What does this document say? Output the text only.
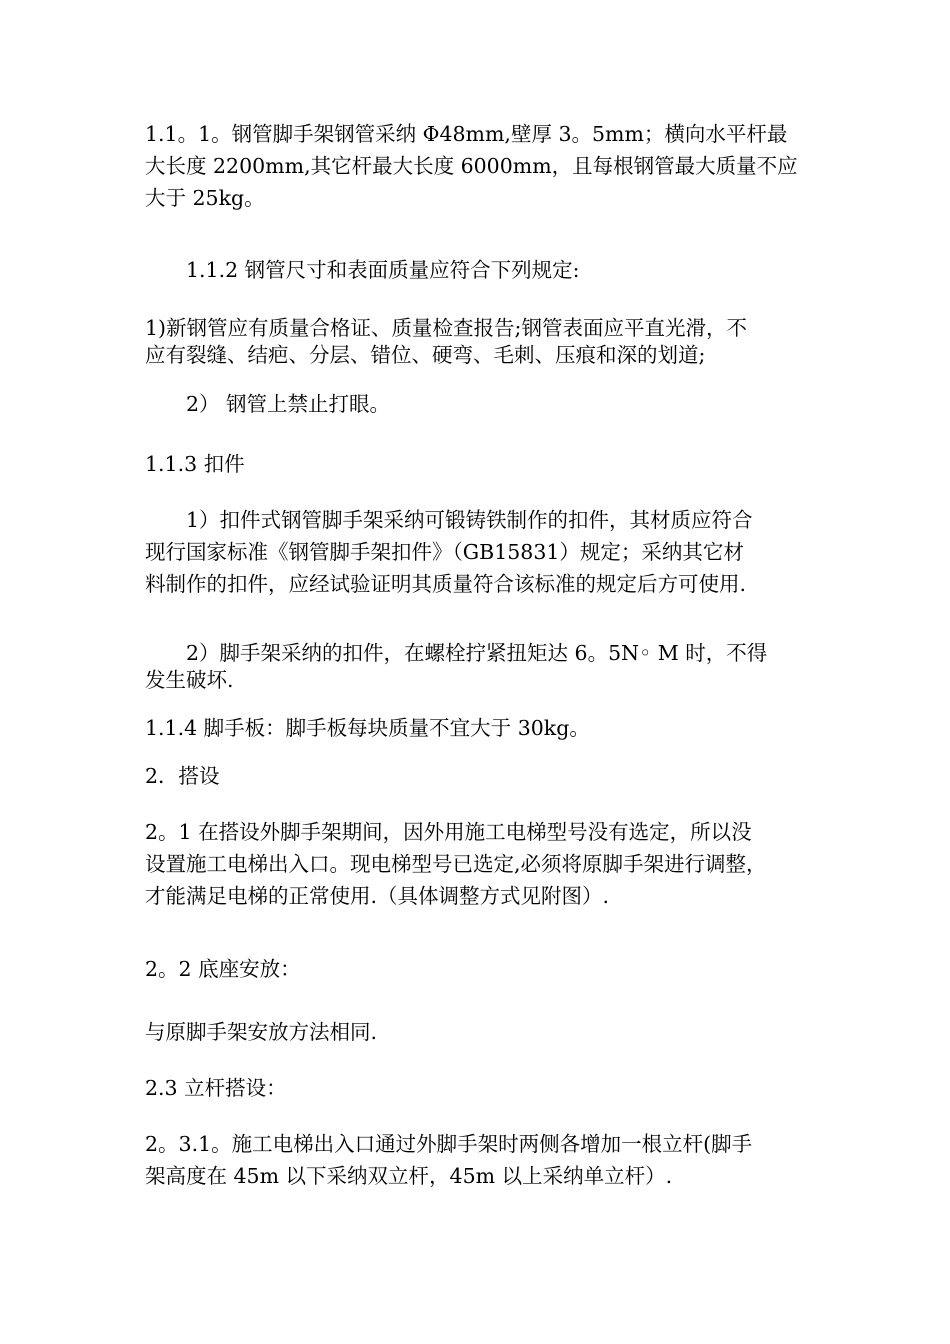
1.1。1。钢管脚手架钢管采纳 Φ48mm,壁厚 3。5mm；横向水平杆最
大长度 2200mm,其它杆最大长度 6000mm，且每根钢管最大质量不应
大于 25kg。
1.1.2 钢管尺寸和表面质量应符合下列规定:
1)新钢管应有质量合格证、质量检查报告;钢管表面应平直光滑，不
应有裂缝、结疤、分层、错位、硬弯、毛刺、压痕和深的划道;
2） 钢管上禁止打眼。
1.1.3 扣件
1）扣件式钢管脚手架采纳可锻铸铁制作的扣件，其材质应符合
现行国家标准《钢管脚手架扣件》（GB15831）规定；采纳其它材
料制作的扣件，应经试验证明其质量符合该标准的规定后方可使用.
2）脚手架采纳的扣件，在螺栓拧紧扭矩达 6。5N◦ M 时，不得
发生破坏.
1.1.4 脚手板：脚手板每块质量不宜大于 30kg。
2．搭设
2。1 在搭设外脚手架期间，因外用施工电梯型号没有选定，所以没
设置施工电梯出入口。现电梯型号已选定,必须将原脚手架进行调整，
才能满足电梯的正常使用.（具体调整方式见附图）.
2。2 底座安放：
与原脚手架安放方法相同.
2.3 立杆搭设：
2。3.1。施工电梯出入口通过外脚手架时两侧各增加一根立杆(脚手
架高度在 45m 以下采纳双立杆，45m 以上采纳单立杆）.
